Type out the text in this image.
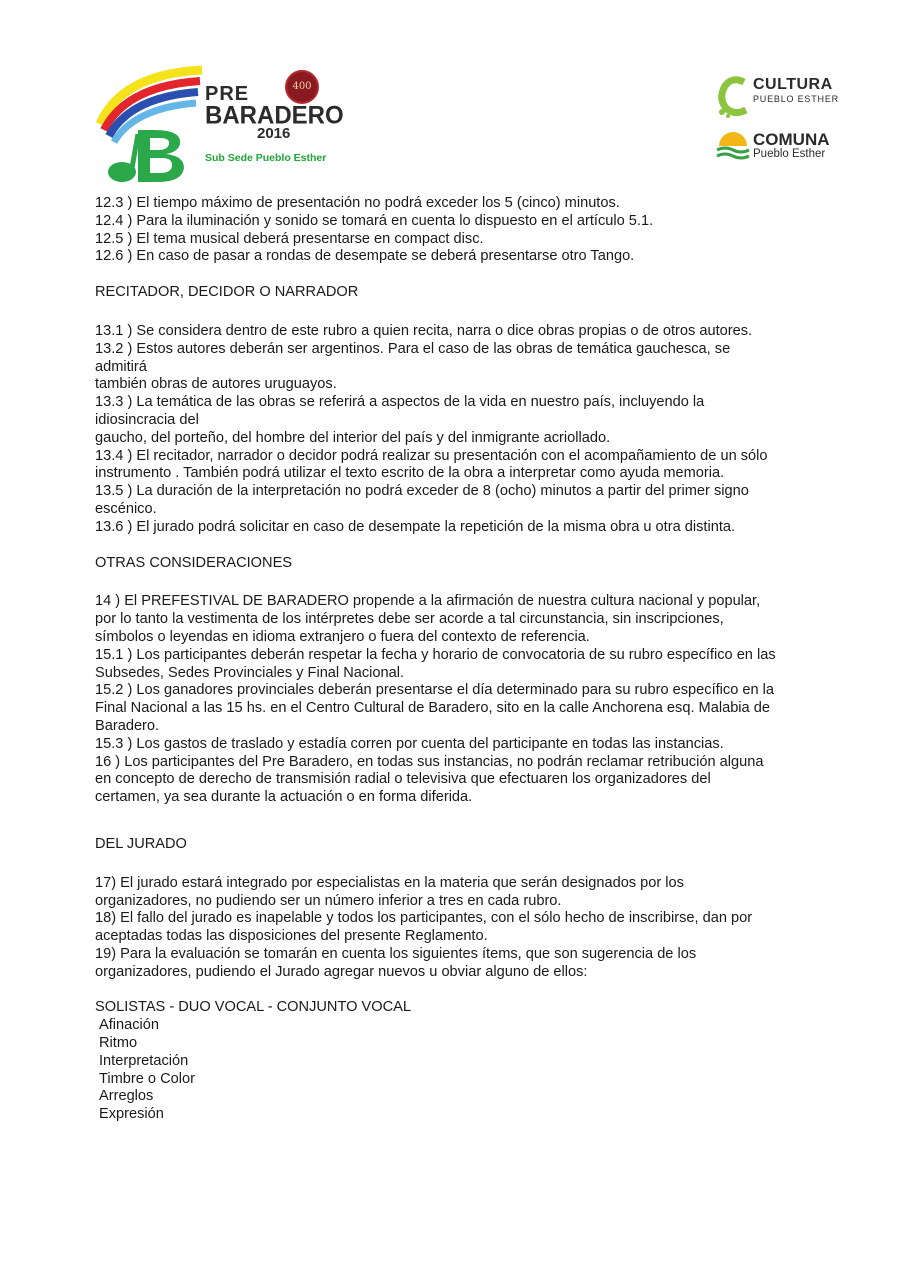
400
PRE
BARADERO
2016
Sub Sede Pueblo Esther
CULTURA
PUEBLO ESTHER
COMUNA
Pueblo Esther

12.3 ) El tiempo máximo de presentación no podrá exceder los 5 (cinco) minutos.

12.4 ) Para la iluminación y sonido se tomará en cuenta lo dispuesto en el artículo 5.1.

12.5 ) El tema musical deberá presentarse en compact disc.

12.6 ) En caso de pasar a rondas de desempate se deberá presentarse otro Tango.

RECITADOR, DECIDOR O NARRADOR

13.1 ) Se considera dentro de este rubro a quien recita, narra o dice obras propias o de otros autores.

13.2 ) Estos autores deberán ser argentinos. Para el caso de las obras de temática gauchesca, se

admitirá

también obras de autores uruguayos.

13.3 ) La temática de las obras se referirá a aspectos de la vida en nuestro país, incluyendo la

idiosincracia del

gaucho, del porteño, del hombre del interior del país y del inmigrante acriollado.

13.4 ) El recitador, narrador o decidor podrá realizar su presentación con el acompañamiento de un sólo

instrumento . También podrá utilizar el texto escrito de la obra a interpretar como ayuda memoria.

13.5 ) La duración de la interpretación no podrá exceder de 8 (ocho) minutos a partir del primer signo

escénico.

13.6 ) El jurado podrá solicitar en caso de desempate la repetición de la misma obra u otra distinta.

OTRAS CONSIDERACIONES

14 ) El PREFESTIVAL DE BARADERO propende a la afirmación de nuestra cultura nacional y popular,

por lo tanto la vestimenta de los intérpretes debe ser acorde a tal circunstancia, sin inscripciones,

símbolos o leyendas en idioma extranjero o fuera del contexto de referencia.

15.1 ) Los participantes deberán respetar la fecha y horario de convocatoria de su rubro específico en las

Subsedes, Sedes Provinciales y Final Nacional.

15.2 ) Los ganadores provinciales deberán presentarse el día determinado para su rubro específico en la

Final Nacional a las 15 hs. en el Centro Cultural de Baradero, sito en la calle Anchorena esq. Malabia de

Baradero.

15.3 ) Los gastos de traslado y estadía corren por cuenta del participante en todas las instancias.

16 ) Los participantes del Pre Baradero, en todas sus instancias, no podrán reclamar retribución alguna

en concepto de derecho de transmisión radial o televisiva que efectuaren los organizadores del

certamen, ya sea durante la actuación o en forma diferida.

DEL JURADO

17) El jurado estará integrado por especialistas en la materia que serán designados por los

organizadores, no pudiendo ser un número inferior a tres en cada rubro.

18) El fallo del jurado es inapelable y todos los participantes, con el sólo hecho de inscribirse, dan por

aceptadas todas las disposiciones del presente Reglamento.

19) Para la evaluación se tomarán en cuenta los siguientes ítems, que son sugerencia de los

organizadores, pudiendo el Jurado agregar nuevos u obviar alguno de ellos:

SOLISTAS - DUO VOCAL - CONJUNTO VOCAL

Afinación

Ritmo

Interpretación

Timbre o Color

Arreglos

Expresión
